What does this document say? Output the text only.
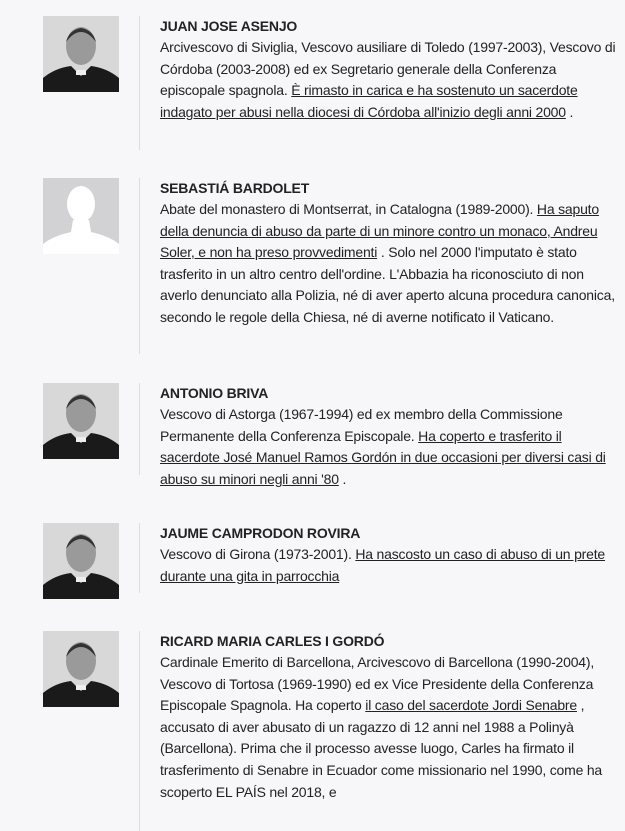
JUAN JOSE ASENJO
Arcivescovo di Siviglia, Vescovo ausiliare di Toledo (1997-2003), Vescovo di Córdoba (2003-2008) ed ex Segretario generale della Conferenza episcopale spagnola. È rimasto in carica e ha sostenuto un sacerdote indagato per abusi nella diocesi di Córdoba all'inizio degli anni 2000 .
SEBASTIÁ BARDOLET
Abate del monastero di Montserrat, in Catalogna (1989-2000). Ha saputo della denuncia di abuso da parte di un minore contro un monaco, Andreu Soler, e non ha preso provvedimenti . Solo nel 2000 l'imputato è stato trasferito in un altro centro dell'ordine. L'Abbazia ha riconosciuto di non averlo denunciato alla Polizia, né di aver aperto alcuna procedura canonica, secondo le regole della Chiesa, né di averne notificato il Vaticano.
ANTONIO BRIVA
Vescovo di Astorga (1967-1994) ed ex membro della Commissione Permanente della Conferenza Episcopale. Ha coperto e trasferito il sacerdote José Manuel Ramos Gordón in due occasioni per diversi casi di abuso su minori negli anni '80 .
JAUME CAMPRODON ROVIRA
Vescovo di Girona (1973-2001). Ha nascosto un caso di abuso di un prete durante una gita in parrocchia
RICARD MARIA CARLES I GORDÓ
Cardinale Emerito di Barcellona, Arcivescovo di Barcellona (1990-2004), Vescovo di Tortosa (1969-1990) ed ex Vice Presidente della Conferenza Episcopale Spagnola. Ha coperto il caso del sacerdote Jordi Senabre , accusato di aver abusato di un ragazzo di 12 anni nel 1988 a Polinyà (Barcellona). Prima che il processo avesse luogo, Carles ha firmato il trasferimento di Senabre in Ecuador come missionario nel 1990, come ha scoperto EL PAÍS nel 2018, e
